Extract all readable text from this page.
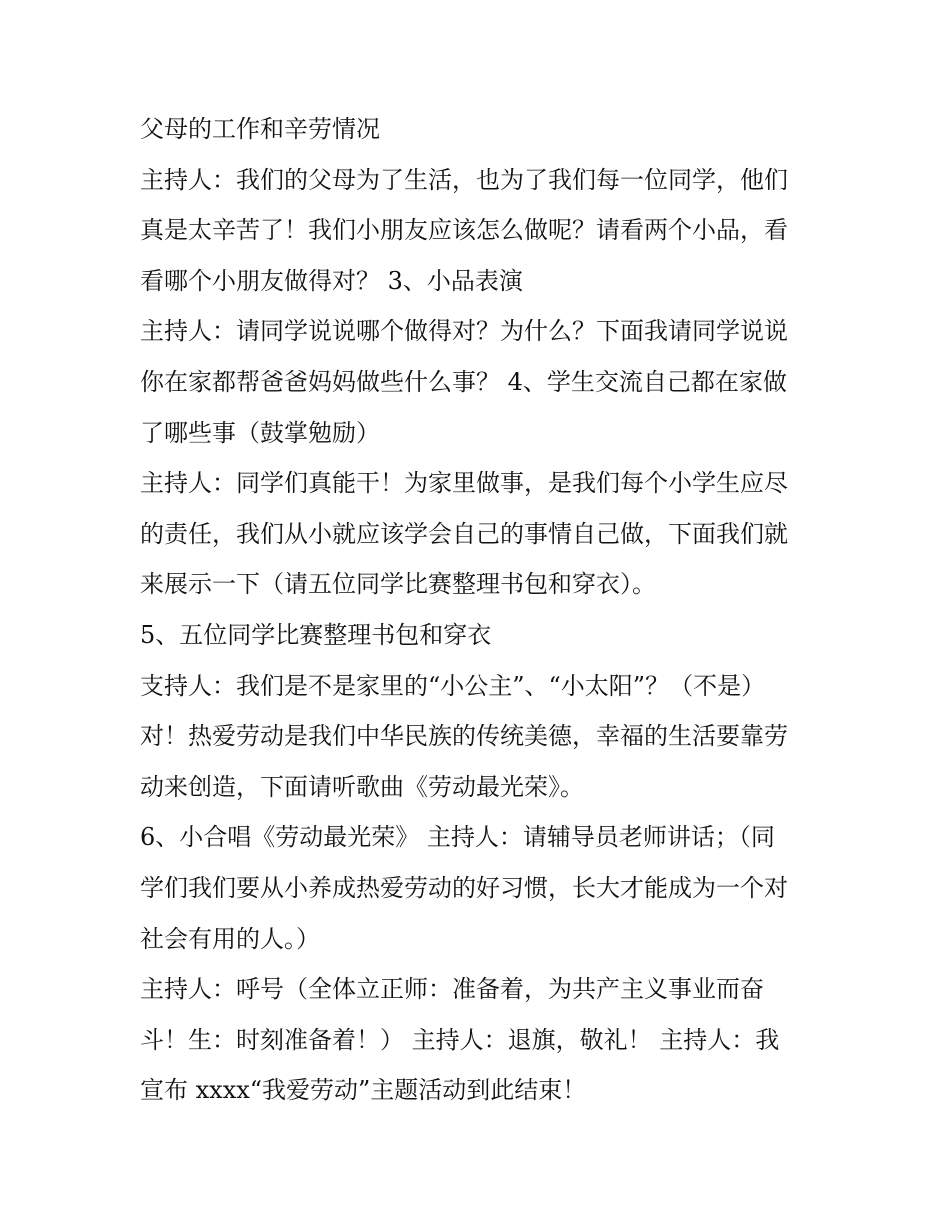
父母的工作和辛劳情况
主持人：我们的父母为了生活，也为了我们每一位同学，他们
真是太辛苦了！我们小朋友应该怎么做呢？请看两个小品，看
看哪个小朋友做得对？ 3、小品表演
主持人：请同学说说哪个做得对？为什么？下面我请同学说说
你在家都帮爸爸妈妈做些什么事？ 4、学生交流自己都在家做
了哪些事（鼓掌勉励）
主持人：同学们真能干！为家里做事，是我们每个小学生应尽
的责任，我们从小就应该学会自己的事情自己做，下面我们就
来展示一下（请五位同学比赛整理书包和穿衣）。
5、五位同学比赛整理书包和穿衣
支持人：我们是不是家里的“小公主”、“小太阳”？（不是）
对！热爱劳动是我们中华民族的传统美德，幸福的生活要靠劳
动来创造，下面请听歌曲《劳动最光荣》。
6、小合唱《劳动最光荣》 主持人：请辅导员老师讲话；（同
学们我们要从小养成热爱劳动的好习惯，长大才能成为一个对
社会有用的人。）
主持人：呼号（全体立正师：准备着，为共产主义事业而奋
斗！生：时刻准备着！） 主持人：退旗，敬礼！ 主持人：我
宣布 xxxx“我爱劳动”主题活动到此结束！
